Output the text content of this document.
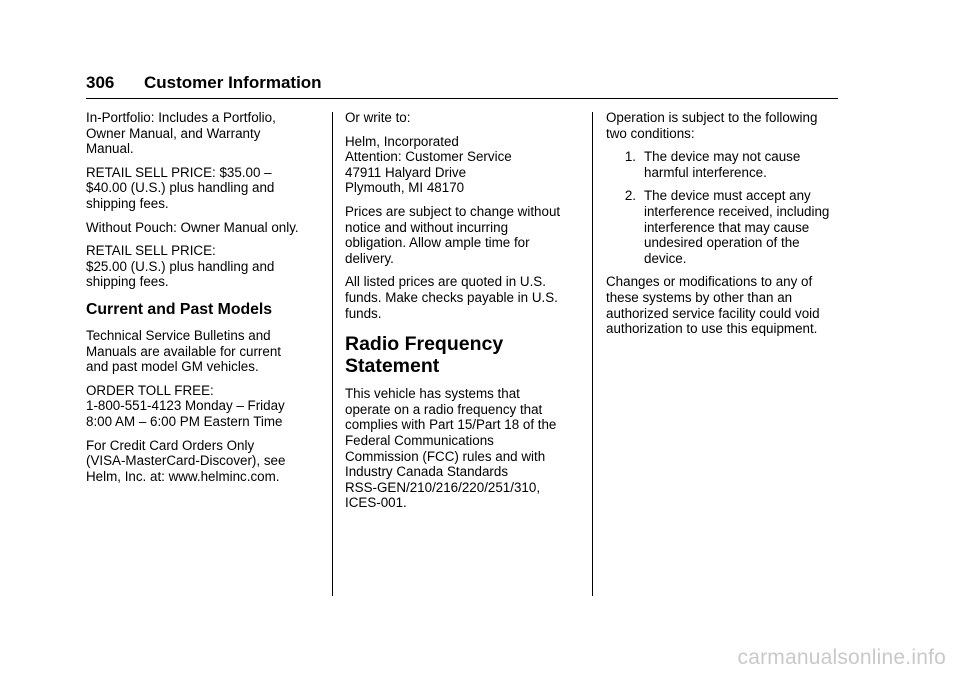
306 Customer Information

In-Portfolio: Includes a Portfolio,
Owner Manual, and Warranty
Manual.

RETAIL SELL PRICE: $35.00 –
$40.00 (U.S.) plus handling and
shipping fees.

Without Pouch: Owner Manual only.

RETAIL SELL PRICE:
$25.00 (U.S.) plus handling and
shipping fees.

Current and Past Models

Technical Service Bulletins and
Manuals are available for current
and past model GM vehicles.

ORDER TOLL FREE:
1-800-551-4123 Monday – Friday
8:00 AM – 6:00 PM Eastern Time

For Credit Card Orders Only
(VISA-MasterCard-Discover), see
Helm, Inc. at: www.helminc.com.

Or write to:

Helm, Incorporated
Attention: Customer Service
47911 Halyard Drive
Plymouth, MI 48170

Prices are subject to change without
notice and without incurring
obligation. Allow ample time for
delivery.

All listed prices are quoted in U.S.
funds. Make checks payable in U.S.
funds.

Radio Frequency
Statement

This vehicle has systems that
operate on a radio frequency that
complies with Part 15/Part 18 of the
Federal Communications
Commission (FCC) rules and with
Industry Canada Standards
RSS-GEN/210/216/220/251/310,
ICES-001.

Operation is subject to the following
two conditions:

1. The device may not cause
harmful interference.
2. The device must accept any
interference received, including
interference that may cause
undesired operation of the
device.

Changes or modifications to any of
these systems by other than an
authorized service facility could void
authorization to use this equipment.

carmanualsonline.info
